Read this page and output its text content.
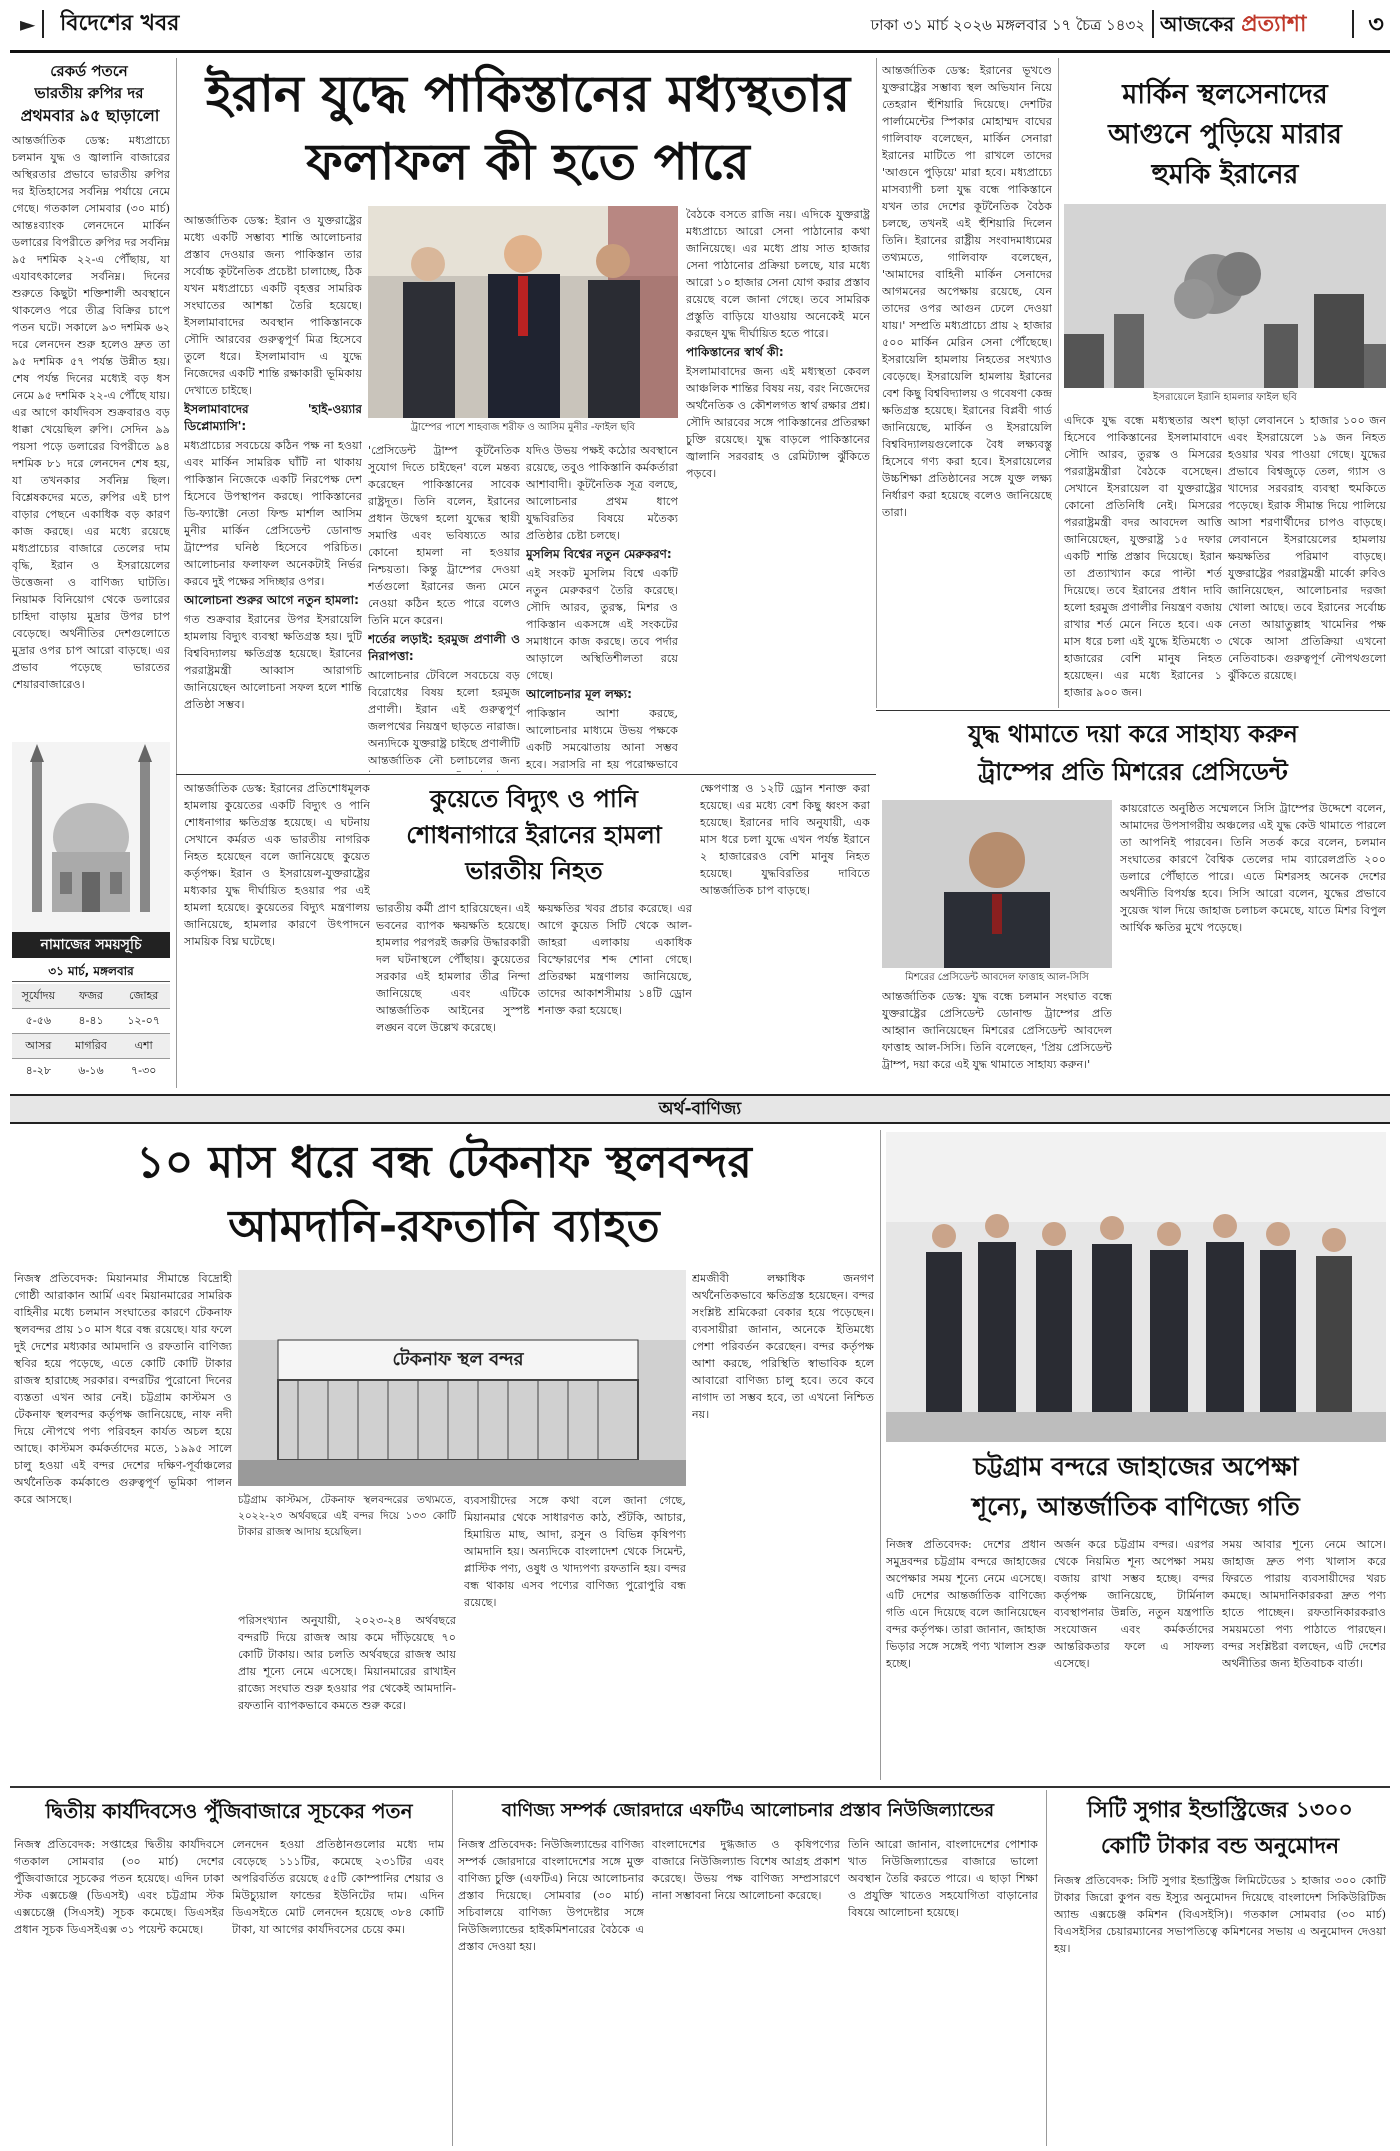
►	বিদেশের খবর	ঢাকা ৩১ মার্চ ২০২৬ মঙ্গলবার ১৭ চৈত্র ১৪৩২ আজকের প্রত্যাশা	৩
রেকর্ড পতনে
ভারতীয় রুপির দর
প্রথমবার ৯৫ ছাড়ালো
আন্তর্জাতিক ডেস্ক: মধ্যপ্রাচ্যে চলমান যুদ্ধ ও জ্বালানি বাজারের অস্থিরতার প্রভাবে ভারতীয় রুপির দর ইতিহাসের সর্বনিম্ন পর্যায়ে নেমে গেছে। গতকাল সোমবার (৩০ মার্চ) আন্তঃব্যাংক লেনদেনে মার্কিন ডলারের বিপরীতে রুপির দর সর্বনিম্ন ৯৫ দশমিক ২২-এ পৌঁছায়, যা এযাবৎকালের সর্বনিম্ন। দিনের শুরুতে কিছুটা শক্তিশালী অবস্থানে থাকলেও পরে তীব্র বিক্রির চাপে পতন ঘটে। সকালে ৯৩ দশমিক ৬২ দরে লেনদেন শুরু হলেও দ্রুত তা ৯৫ দশমিক ৫৭ পর্যন্ত উন্নীত হয়। শেষ পর্যন্ত দিনের মধ্যেই বড় ধস নেমে ৯৫ দশমিক ২২-এ পৌঁছে যায়। এর আগে কার্যদিবস শুক্রবারও বড় ধাক্কা খেয়েছিল রুপি। সেদিন ৯৯ পয়সা পড়ে ডলারের বিপরীতে ৯৪ দশমিক ৮১ দরে লেনদেন শেষ হয়, যা তখনকার সর্বনিম্ন ছিল। বিশ্লেষকদের মতে, রুপির এই চাপ বাড়ার পেছনে একাধিক বড় কারণ কাজ করছে। এর মধ্যে রয়েছে মধ্যপ্রাচ্যের বাজারে তেলের দাম বৃদ্ধি, ইরান ও ইসরায়েলের উত্তেজনা ও বাণিজ্য ঘাটতি। নিয়ামক বিনিয়োগ থেকে ডলারের চাহিদা বাড়ায় মুদ্রার উপর চাপ বেড়েছে। অর্থনীতির দেশগুলোতে মুদ্রার ওপর চাপ আরো বাড়ছে। এর প্রভাব পড়েছে ভারতের শেয়ারবাজারেও।
নামাজের সময়সূচি
৩১ মার্চ, মঙ্গলবার
সূর্যোদয়	ফজর	জোহর
৫-৫৬	৪-৪১	১২-০৭
আসর	মাগরিব	এশা
৪-২৮	৬-১৬	৭-৩০
ইরান যুদ্ধে পাকিস্তানের মধ্যস্থতার
ফলাফল কী হতে পারে

আন্তর্জাতিক ডেস্ক: ইরান ও যুক্তরাষ্ট্রের মধ্যে একটি সম্ভাব্য শান্তি আলোচনার প্রস্তাব দেওয়ার জন্য পাকিস্তান তার সর্বোচ্চ কূটনৈতিক প্রচেষ্টা চালাচ্ছে, ঠিক যখন মধ্যপ্রাচ্যে একটি বৃহত্তর সামরিক সংঘাতের আশঙ্কা তৈরি হয়েছে। ইসলামাবাদের অবস্থান পাকিস্তানকে সৌদি আরবের গুরুত্বপূর্ণ মিত্র হিসেবে তুলে ধরে। ইসলামাবাদ এ যুদ্ধে নিজেদের একটি শান্তি রক্ষাকারী ভূমিকায় দেখাতে চাইছে।

ইসলামাবাদের 'হাই-ওয়্যার ডিপ্লোম্যাসি':

মধ্যপ্রাচ্যের সবচেয়ে কঠিন পক্ষ না হওয়া এবং মার্কিন সামরিক ঘাঁটি না থাকায় পাকিস্তান নিজেকে একটি নিরপেক্ষ দেশ হিসেবে উপস্থাপন করছে। পাকিস্তানের ডি-ফ্যাক্টো নেতা ফিল্ড মার্শাল আসিম মুনীর মার্কিন প্রেসিডেন্ট ডোনাল্ড ট্রাম্পের ঘনিষ্ঠ হিসেবে পরিচিত। আলোচনার ফলাফল অনেকটাই নির্ভর করবে দুই পক্ষের সদিচ্ছার ওপর।

আলোচনা শুরুর আগে নতুন হামলা:

গত শুক্রবার ইরানের উপর ইসরায়েলি হামলায় বিদ্যুৎ ব্যবস্থা ক্ষতিগ্রস্ত হয়। দুটি বিশ্ববিদ্যালয় ক্ষতিগ্রস্ত হয়েছে। ইরানের পররাষ্ট্রমন্ত্রী আব্বাস আরাগচি জানিয়েছেন আলোচনা সফল হলে শান্তি প্রতিষ্ঠা সম্ভব।

ট্রাম্পের পাশে শাহবাজ শরীফ ও আসিম মুনীর -ফাইল ছবি

'প্রেসিডেন্ট ট্রাম্প কূটনৈতিক সুযোগ দিতে চাইছেন' বলে মন্তব্য করেছেন পাকিস্তানের সাবেক রাষ্ট্রদূত। তিনি বলেন, ইরানের প্রধান উদ্বেগ হলো যুদ্ধের স্থায়ী সমাপ্তি এবং ভবিষ্যতে আর কোনো হামলা না হওয়ার নিশ্চয়তা। কিন্তু ট্রাম্পের দেওয়া শর্তগুলো ইরানের জন্য মেনে নেওয়া কঠিন হতে পারে বলেও তিনি মনে করেন।

শর্তের লড়াই: হরমুজ প্রণালী ও নিরাপত্তা:

আলোচনার টেবিলে সবচেয়ে বড় বিরোধের বিষয় হলো হরমুজ প্রণালী। ইরান এই গুরুত্বপূর্ণ জলপথের নিয়ন্ত্রণ ছাড়তে নারাজ। অন্যদিকে যুক্তরাষ্ট্র চাইছে প্রণালীটি আন্তর্জাতিক নৌ চলাচলের জন্য

যদিও উভয় পক্ষই কঠোর অবস্থানে রয়েছে, তবুও পাকিস্তানি কর্মকর্তারা আশাবাদী। কূটনৈতিক সূত্র বলছে, আলোচনার প্রথম ধাপে যুদ্ধবিরতির বিষয়ে মতৈক্য প্রতিষ্ঠার চেষ্টা চলছে।

মুসলিম বিশ্বের নতুন মেরুকরণ:

এই সংকট মুসলিম বিশ্বে একটি নতুন মেরুকরণ তৈরি করেছে। সৌদি আরব, তুরস্ক, মিশর ও পাকিস্তান একসঙ্গে এই সংকটের সমাধানে কাজ করছে। তবে পর্দার আড়ালে অস্থিতিশীলতা রয়ে গেছে।

আলোচনার মূল লক্ষ্য:

পাকিস্তান আশা করছে, আলোচনার মাধ্যমে উভয় পক্ষকে একটি সমঝোতায় আনা সম্ভব হবে। সরাসরি না হয় পরোক্ষভাবে

বৈঠকে বসতে রাজি নয়। এদিকে যুক্তরাষ্ট্র মধ্যপ্রাচ্যে আরো সেনা পাঠানোর কথা জানিয়েছে। এর মধ্যে প্রায় সাত হাজার সেনা পাঠানোর প্রক্রিয়া চলছে, যার মধ্যে আরো ১০ হাজার সেনা যোগ করার প্রস্তাব রয়েছে বলে জানা গেছে। তবে সামরিক প্রস্তুতি বাড়িয়ে যাওয়ায় অনেকেই মনে করছেন যুদ্ধ দীর্ঘায়িত হতে পারে।

পাকিস্তানের স্বার্থ কী:

ইসলামাবাদের জন্য এই মধ্যস্থতা কেবল আঞ্চলিক শান্তির বিষয় নয়, বরং নিজেদের অর্থনৈতিক ও কৌশলগত স্বার্থ রক্ষার প্রশ্ন। সৌদি আরবের সঙ্গে পাকিস্তানের প্রতিরক্ষা চুক্তি রয়েছে। যুদ্ধ বাড়লে পাকিস্তানের জ্বালানি সরবরাহ ও রেমিট্যান্স ঝুঁকিতে পড়বে।

আন্তর্জাতিক ডেস্ক: ইরানের ভূখণ্ডে যুক্তরাষ্ট্রের সম্ভাব্য স্থল অভিযান নিয়ে তেহরান হুঁশিয়ারি দিয়েছে। দেশটির পার্লামেন্টের স্পিকার মোহাম্মদ বাঘের গালিবাফ বলেছেন, মার্কিন সেনারা ইরানের মাটিতে পা রাখলে তাদের 'আগুনে পুড়িয়ে' মারা হবে। মধ্যপ্রাচ্যে মাসব্যাপী চলা যুদ্ধ বন্ধে পাকিস্তানে যখন তার দেশের কূটনৈতিক বৈঠক চলছে, তখনই এই হুঁশিয়ারি দিলেন তিনি। ইরানের রাষ্ট্রীয় সংবাদমাধ্যমের তথ্যমতে, গালিবাফ বলেছেন, 'আমাদের বাহিনী মার্কিন সেনাদের আগমনের অপেক্ষায় রয়েছে, যেন তাদের ওপর আগুন ঢেলে দেওয়া যায়।' সম্প্রতি মধ্যপ্রাচ্যে প্রায় ২ হাজার ৫০০ মার্কিন মেরিন সেনা পৌঁছেছে। ইসরায়েলি হামলায় নিহতের সংখ্যাও বেড়েছে। ইসরায়েলি হামলায় ইরানের বেশ কিছু বিশ্ববিদ্যালয় ও গবেষণা কেন্দ্র ক্ষতিগ্রস্ত হয়েছে। ইরানের বিপ্লবী গার্ড জানিয়েছে, মার্কিন ও ইসরায়েলি বিশ্ববিদ্যালয়গুলোকে বৈধ লক্ষ্যবস্তু হিসেবে গণ্য করা হবে। ইসরায়েলের উচ্চশিক্ষা প্রতিষ্ঠানের সঙ্গে যুক্ত লক্ষ্য নির্ধারণ করা হয়েছে বলেও জানিয়েছে তারা।
মার্কিন স্থলসেনাদের
আগুনে পুড়িয়ে মারার
হুমকি ইরানের
ইসরায়েলে ইরানি হামলার ফাইল ছবি
এদিকে যুদ্ধ বন্ধে মধ্যস্থতার অংশ হিসেবে পাকিস্তানের ইসলামাবাদে সৌদি আরব, তুরস্ক ও মিসরের পররাষ্ট্রমন্ত্রীরা বৈঠকে বসেছেন। সেখানে ইসরায়েল বা যুক্তরাষ্ট্রের কোনো প্রতিনিধি নেই। মিসরের পররাষ্ট্রমন্ত্রী বদর আবদেল আত্তি জানিয়েছেন, যুক্তরাষ্ট্র ১৫ দফার একটি শান্তি প্রস্তাব দিয়েছে। ইরান তা প্রত্যাখ্যান করে পাল্টা শর্ত দিয়েছে। তবে ইরানের প্রধান দাবি হলো হরমুজ প্রণালীর নিয়ন্ত্রণ বজায় রাখার শর্ত মেনে নিতে হবে। এক মাস ধরে চলা এই যুদ্ধে ইতিমধ্যে ৩ হাজারের বেশি মানুষ নিহত হয়েছেন। এর মধ্যে ইরানের ১ হাজার ৯০০ জন।
ছাড়া লেবাননে ১ হাজার ১০০ জন এবং ইসরায়েলে ১৯ জন নিহত হওয়ার খবর পাওয়া গেছে। যুদ্ধের প্রভাবে বিশ্বজুড়ে তেল, গ্যাস ও খাদ্যের সরবরাহ ব্যবস্থা হুমকিতে পড়েছে। ইরাক সীমান্ত দিয়ে পালিয়ে আসা শরণার্থীদের চাপও বাড়ছে। লেবাননে ইসরায়েলের হামলায় ক্ষয়ক্ষতির পরিমাণ বাড়ছে। যুক্তরাষ্ট্রের পররাষ্ট্রমন্ত্রী মার্কো রুবিও জানিয়েছেন, আলোচনার দরজা খোলা আছে। তবে ইরানের সর্বোচ্চ নেতা আয়াতুল্লাহ খামেনির পক্ষ থেকে আসা প্রতিক্রিয়া এখনো নেতিবাচক। গুরুত্বপূর্ণ নৌপথগুলো ঝুঁকিতে রয়েছে।
যুদ্ধ থামাতে দয়া করে সাহায্য করুন
ট্রাম্পের প্রতি মিশরের প্রেসিডেন্ট
মিশরের প্রেসিডেন্ট আবদেল ফাত্তাহ আল-সিসি
আন্তর্জাতিক ডেস্ক: যুদ্ধ বন্ধে চলমান সংঘাত বন্ধে যুক্তরাষ্ট্রের প্রেসিডেন্ট ডোনাল্ড ট্রাম্পের প্রতি আহ্বান জানিয়েছেন মিশরের প্রেসিডেন্ট আবদেল ফাত্তাহ আল-সিসি। তিনি বলেছেন, 'প্রিয় প্রেসিডেন্ট ট্রাম্প, দয়া করে এই যুদ্ধ থামাতে সাহায্য করুন।'
কায়রোতে অনুষ্ঠিত সম্মেলনে সিসি ট্রাম্পের উদ্দেশে বলেন, আমাদের উপসাগরীয় অঞ্চলের এই যুদ্ধ কেউ থামাতে পারলে তা আপনিই পারবেন। তিনি সতর্ক করে বলেন, চলমান সংঘাতের কারণে বৈশ্বিক তেলের দাম ব্যারেলপ্রতি ২০০ ডলারে পৌঁছাতে পারে। এতে মিশরসহ অনেক দেশের অর্থনীতি বিপর্যস্ত হবে। সিসি আরো বলেন, যুদ্ধের প্রভাবে সুয়েজ খাল দিয়ে জাহাজ চলাচল কমেছে, যাতে মিশর বিপুল আর্থিক ক্ষতির মুখে পড়েছে।
আন্তর্জাতিক ডেস্ক: ইরানের প্রতিশোধমূলক হামলায় কুয়েতের একটি বিদ্যুৎ ও পানি শোধনাগার ক্ষতিগ্রস্ত হয়েছে। এ ঘটনায় সেখানে কর্মরত এক ভারতীয় নাগরিক নিহত হয়েছেন বলে জানিয়েছে কুয়েত কর্তৃপক্ষ। ইরান ও ইসরায়েল-যুক্তরাষ্ট্রের মধ্যকার যুদ্ধ দীর্ঘায়িত হওয়ার পর এই হামলা হয়েছে। কুয়েতের বিদ্যুৎ মন্ত্রণালয় জানিয়েছে, হামলার কারণে উৎপাদনে সাময়িক বিঘ্ন ঘটেছে।
কুয়েতে বিদ্যুৎ ও পানি
শোধনাগারে ইরানের হামলা
ভারতীয় নিহত
ভারতীয় কর্মী প্রাণ হারিয়েছেন। এই ভবনের ব্যাপক ক্ষয়ক্ষতি হয়েছে। হামলার পরপরই জরুরি উদ্ধারকারী দল ঘটনাস্থলে পৌঁছায়। কুয়েতের সরকার এই হামলার তীব্র নিন্দা জানিয়েছে এবং এটিকে আন্তর্জাতিক আইনের সুস্পষ্ট লঙ্ঘন বলে উল্লেখ করেছে।
ক্ষয়ক্ষতির খবর প্রচার করেছে। এর আগে কুয়েত সিটি থেকে আল-জাহরা এলাকায় একাধিক বিস্ফোরণের শব্দ শোনা গেছে। প্রতিরক্ষা মন্ত্রণালয় জানিয়েছে, তাদের আকাশসীমায় ১৪টি ড্রোন শনাক্ত করা হয়েছে।
ক্ষেপণাস্ত্র ও ১২টি ড্রোন শনাক্ত করা হয়েছে। এর মধ্যে বেশ কিছু ধ্বংস করা হয়েছে। ইরানের দাবি অনুযায়ী, এক মাস ধরে চলা যুদ্ধে এখন পর্যন্ত ইরানে ২ হাজারেরও বেশি মানুষ নিহত হয়েছে। যুদ্ধবিরতির দাবিতে আন্তর্জাতিক চাপ বাড়ছে।
অর্থ-বাণিজ্য
১০ মাস ধরে বন্ধ টেকনাফ স্থলবন্দর
আমদানি-রফতানি ব্যাহত
নিজস্ব প্রতিবেদক: মিয়ানমার সীমান্তে বিদ্রোহী গোষ্ঠী আরাকান আর্মি এবং মিয়ানমারের সামরিক বাহিনীর মধ্যে চলমান সংঘাতের কারণে টেকনাফ স্থলবন্দর প্রায় ১০ মাস ধরে বন্ধ রয়েছে। যার ফলে দুই দেশের মধ্যকার আমদানি ও রফতানি বাণিজ্য স্থবির হয়ে পড়েছে, এতে কোটি কোটি টাকার রাজস্ব হারাচ্ছে সরকার। বন্দরটির পুরোনো দিনের ব্যস্ততা এখন আর নেই। চট্টগ্রাম কাস্টমস ও টেকনাফ স্থলবন্দর কর্তৃপক্ষ জানিয়েছে, নাফ নদী দিয়ে নৌপথে পণ্য পরিবহন কার্যত অচল হয়ে আছে। কাস্টমস কর্মকর্তাদের মতে, ১৯৯৫ সালে চালু হওয়া এই বন্দর দেশের দক্ষিণ-পূর্বাঞ্চলের অর্থনৈতিক কর্মকাণ্ডে গুরুত্বপূর্ণ ভূমিকা পালন করে আসছে।
টেকনাফ স্থল বন্দর
চট্টগ্রাম কাস্টমস, টেকনাফ স্থলবন্দরের তথ্যমতে, ২০২২-২৩ অর্থবছরে এই বন্দর দিয়ে ১৩৩ কোটি টাকার রাজস্ব আদায় হয়েছিল।
পরিসংখ্যান অনুযায়ী, ২০২৩-২৪ অর্থবছরে বন্দরটি দিয়ে রাজস্ব আয় কমে দাঁড়িয়েছে ৭০ কোটি টাকায়। আর চলতি অর্থবছরে রাজস্ব আয় প্রায় শূন্যে নেমে এসেছে। মিয়ানমারের রাখাইন রাজ্যে সংঘাত শুরু হওয়ার পর থেকেই আমদানি-রফতানি ব্যাপকভাবে কমতে শুরু করে।
ব্যবসায়ীদের সঙ্গে কথা বলে জানা গেছে, মিয়ানমার থেকে সাধারণত কাঠ, শুঁটকি, আচার, হিমায়িত মাছ, আদা, রসুন ও বিভিন্ন কৃষিপণ্য আমদানি হয়। অন্যদিকে বাংলাদেশ থেকে সিমেন্ট, প্লাস্টিক পণ্য, ওষুধ ও খাদ্যপণ্য রফতানি হয়। বন্দর বন্ধ থাকায় এসব পণ্যের বাণিজ্য পুরোপুরি বন্ধ রয়েছে।
শ্রমজীবী লক্ষাধিক জনগণ অর্থনৈতিকভাবে ক্ষতিগ্রস্ত হয়েছেন। বন্দর সংশ্লিষ্ট শ্রমিকেরা বেকার হয়ে পড়েছেন। ব্যবসায়ীরা জানান, অনেকে ইতিমধ্যে পেশা পরিবর্তন করেছেন। বন্দর কর্তৃপক্ষ আশা করছে, পরিস্থিতি স্বাভাবিক হলে আবারো বাণিজ্য চালু হবে। তবে কবে নাগাদ তা সম্ভব হবে, তা এখনো নিশ্চিত নয়।
চট্টগ্রাম বন্দরে জাহাজের অপেক্ষা
শূন্যে, আন্তর্জাতিক বাণিজ্যে গতি
নিজস্ব প্রতিবেদক: দেশের প্রধান সমুদ্রবন্দর চট্টগ্রাম বন্দরে জাহাজের অপেক্ষার সময় শূন্যে নেমে এসেছে। এটি দেশের আন্তর্জাতিক বাণিজ্যে গতি এনে দিয়েছে বলে জানিয়েছেন বন্দর কর্তৃপক্ষ। তারা জানান, জাহাজ ভিড়ার সঙ্গে সঙ্গেই পণ্য খালাস শুরু হচ্ছে।
অর্জন করে চট্টগ্রাম বন্দর। এরপর থেকে নিয়মিত শূন্য অপেক্ষা সময় বজায় রাখা সম্ভব হচ্ছে। বন্দর কর্তৃপক্ষ জানিয়েছে, টার্মিনাল ব্যবস্থাপনার উন্নতি, নতুন যন্ত্রপাতি সংযোজন এবং কর্মকর্তাদের আন্তরিকতার ফলে এ সাফল্য এসেছে।
সময় আবার শূন্যে নেমে আসে। জাহাজ দ্রুত পণ্য খালাস করে ফিরতে পারায় ব্যবসায়ীদের খরচ কমছে। আমদানিকারকরা দ্রুত পণ্য হাতে পাচ্ছেন। রফতানিকারকরাও সময়মতো পণ্য পাঠাতে পারছেন। বন্দর সংশ্লিষ্টরা বলছেন, এটি দেশের অর্থনীতির জন্য ইতিবাচক বার্তা।
দ্বিতীয় কার্যদিবসেও পুঁজিবাজারে সূচকের পতন
নিজস্ব প্রতিবেদক: সপ্তাহের দ্বিতীয় কার্যদিবসে গতকাল সোমবার (৩০ মার্চ) দেশের পুঁজিবাজারে সূচকের পতন হয়েছে। এদিন ঢাকা স্টক এক্সচেঞ্জ (ডিএসই) এবং চট্টগ্রাম স্টক এক্সচেঞ্জে (সিএসই) সূচক কমেছে। ডিএসইর প্রধান সূচক ডিএসইএক্স ৩১ পয়েন্ট কমেছে।
লেনদেন হওয়া প্রতিষ্ঠানগুলোর মধ্যে দাম বেড়েছে ১১১টির, কমেছে ২৩১টির এবং অপরিবর্তিত রয়েছে ৫৫টি কোম্পানির শেয়ার ও মিউচ্যুয়াল ফান্ডের ইউনিটের দাম। এদিন ডিএসইতে মোট লেনদেন হয়েছে ৩৮৪ কোটি টাকা, যা আগের কার্যদিবসের চেয়ে কম।
বাণিজ্য সম্পর্ক জোরদারে এফটিএ আলোচনার প্রস্তাব নিউজিল্যান্ডের
নিজস্ব প্রতিবেদক: নিউজিল্যান্ডের বাণিজ্য সম্পর্ক জোরদারে বাংলাদেশের সঙ্গে মুক্ত বাণিজ্য চুক্তি (এফটিএ) নিয়ে আলোচনার প্রস্তাব দিয়েছে। সোমবার (৩০ মার্চ) সচিবালয়ে বাণিজ্য উপদেষ্টার সঙ্গে নিউজিল্যান্ডের হাইকমিশনারের বৈঠকে এ প্রস্তাব দেওয়া হয়।
বাংলাদেশের দুগ্ধজাত ও কৃষিপণ্যের বাজারে নিউজিল্যান্ড বিশেষ আগ্রহ প্রকাশ করেছে। উভয় পক্ষ বাণিজ্য সম্প্রসারণে নানা সম্ভাবনা নিয়ে আলোচনা করেছে।
তিনি আরো জানান, বাংলাদেশের পোশাক খাত নিউজিল্যান্ডের বাজারে ভালো অবস্থান তৈরি করতে পারে। এ ছাড়া শিক্ষা ও প্রযুক্তি খাতেও সহযোগিতা বাড়ানোর বিষয়ে আলোচনা হয়েছে।
সিটি সুগার ইন্ডাস্ট্রিজের ১৩০০
কোটি টাকার বন্ড অনুমোদন
নিজস্ব প্রতিবেদক: সিটি সুগার ইন্ডাস্ট্রিজ লিমিটেডের ১ হাজার ৩০০ কোটি টাকার জিরো কুপন বন্ড ইস্যুর অনুমোদন দিয়েছে বাংলাদেশ সিকিউরিটিজ অ্যান্ড এক্সচেঞ্জ কমিশন (বিএসইসি)। গতকাল সোমবার (৩০ মার্চ) বিএসইসির চেয়ারম্যানের সভাপতিত্বে কমিশনের সভায় এ অনুমোদন দেওয়া হয়।
